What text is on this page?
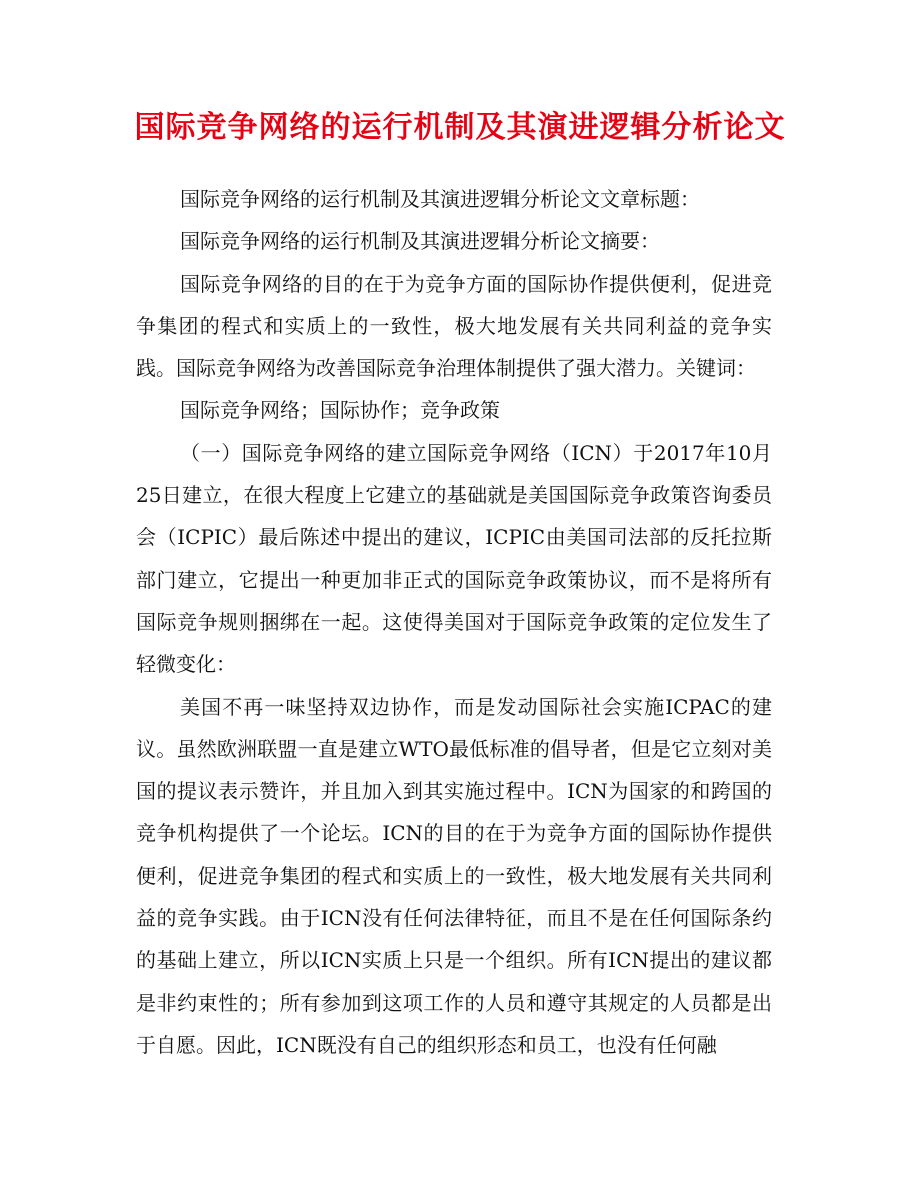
国际竞争网络的运行机制及其演进逻辑分析论文

国际竞争网络的运行机制及其演进逻辑分析论文文章标题：

国际竞争网络的运行机制及其演进逻辑分析论文摘要：

国际竞争网络的目的在于为竞争方面的国际协作提供便利，促进竞争集团的程式和实质上的一致性，极大地发展有关共同利益的竞争实践。国际竞争网络为改善国际竞争治理体制提供了强大潜力。关键词：

国际竞争网络；国际协作；竞争政策

（一）国际竞争网络的建立国际竞争网络（ICN）于2017年10月25日建立，在很大程度上它建立的基础就是美国国际竞争政策咨询委员会（ICPIC）最后陈述中提出的建议，ICPIC由美国司法部的反托拉斯部门建立，它提出一种更加非正式的国际竞争政策协议，而不是将所有国际竞争规则捆绑在一起。这使得美国对于国际竞争政策的定位发生了轻微变化：

美国不再一味坚持双边协作，而是发动国际社会实施ICPAC的建议。虽然欧洲联盟一直是建立WTO最低标准的倡导者，但是它立刻对美国的提议表示赞许，并且加入到其实施过程中。ICN为国家的和跨国的竞争机构提供了一个论坛。ICN的目的在于为竞争方面的国际协作提供便利，促进竞争集团的程式和实质上的一致性，极大地发展有关共同利益的竞争实践。由于ICN没有任何法律特征，而且不是在任何国际条约的基础上建立，所以ICN实质上只是一个组织。所有ICN提出的建议都是非约束性的；所有参加到这项工作的人员和遵守其规定的人员都是出于自愿。因此，ICN既没有自己的组织形态和员工，也没有任何融
